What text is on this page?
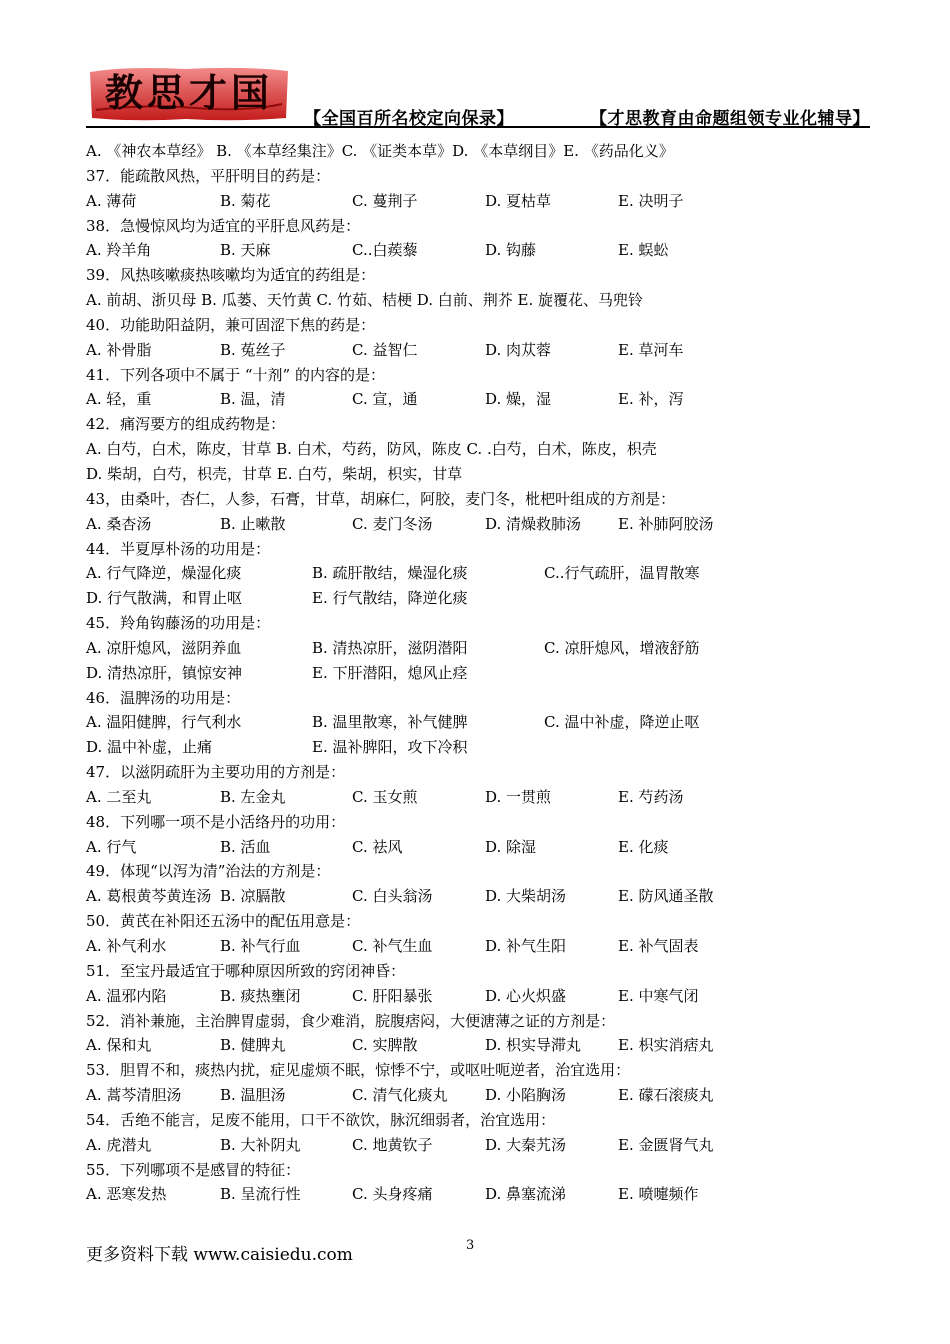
教思才国
【全国百所名校定向保录】	【才思教育由命题组领专业化辅导】
A. 《神农本草经》 B. 《本草经集注》C. 《证类本草》D. 《本草纲目》E. 《药品化义》
37．能疏散风热，平肝明目的药是：
A. 薄荷	B. 菊花	C. 蔓荆子	D. 夏枯草	E. 决明子
38．急慢惊风均为适宜的平肝息风药是：
A. 羚羊角	B. 天麻	C..白蒺藜	D. 钩藤	E. 蜈蚣
39．风热咳嗽痰热咳嗽均为适宜的药组是：
A. 前胡、浙贝母 B. 瓜蒌、天竹黄 C. 竹茹、桔梗 D. 白前、荆芥 E. 旋覆花、马兜铃
40．功能助阳益阴，兼可固涩下焦的药是：
A. 补骨脂	B. 菟丝子	C. 益智仁	D. 肉苁蓉	E. 草河车
41．下列各项中不属于 “十剂” 的内容的是：
A. 轻，重	B. 温，清	C. 宣，通	D. 燥，湿	E. 补，泻
42．痛泻要方的组成药物是：
A. 白芍，白术，陈皮，甘草 B. 白术，芍药，防风，陈皮 C. .白芍，白术，陈皮，枳壳
D. 柴胡，白芍，枳壳，甘草 E. 白芍，柴胡，枳实，甘草
43，由桑叶，杏仁，人参，石膏，甘草，胡麻仁，阿胶，麦门冬，枇杷叶组成的方剂是：
A. 桑杏汤	B. 止嗽散	C. 麦门冬汤	D. 清燥救肺汤 E. 补肺阿胶汤
44．半夏厚朴汤的功用是：
A. 行气降逆，燥湿化痰	B. 疏肝散结，燥湿化痰	C..行气疏肝，温胃散寒
D. 行气散满，和胃止呕	E. 行气散结，降逆化痰
45．羚角钩藤汤的功用是：
A. 凉肝熄风，滋阴养血	B. 清热凉肝，滋阴潜阳	C. 凉肝熄风，增液舒筋
D. 清热凉肝，镇惊安神	E. 下肝潜阳，熄风止痉
46．温脾汤的功用是：
A. 温阳健脾，行气利水	B. 温里散寒，补气健脾	C. 温中补虚，降逆止呕
D. 温中补虚，止痛	E. 温补脾阳，攻下冷积
47．以滋阴疏肝为主要功用的方剂是：
A. 二至丸	B. 左金丸	C. 玉女煎	D. 一贯煎	E. 芍药汤
48．下列哪一项不是小活络丹的功用：
A. 行气	B. 活血	C. 祛风	D. 除湿	E. 化痰
49．体现“以泻为清”治法的方剂是：
A. 葛根黄芩黄连汤 B. 凉膈散	C. 白头翁汤	D. 大柴胡汤	E. 防风通圣散
50．黄芪在补阳还五汤中的配伍用意是：
A. 补气利水	B. 补气行血	C. 补气生血	D. 补气生阳	E. 补气固表
51．至宝丹最适宜于哪种原因所致的窍闭神昏：
A. 温邪内陷	B. 痰热壅闭	C. 肝阳暴张	D. 心火炽盛	E. 中寒气闭
52．消补兼施，主治脾胃虚弱，食少难消，脘腹痞闷，大便溏薄之证的方剂是：
A. 保和丸	B. 健脾丸	C. 实脾散	D. 枳实导滞丸 E. 枳实消痞丸
53．胆胃不和，痰热内扰，症见虚烦不眠，惊悸不宁，或呕吐呃逆者，治宜选用：
A. 蒿芩清胆汤	B. 温胆汤	C. 清气化痰丸	D. 小陷胸汤	E. 礞石滚痰丸
54．舌绝不能言，足废不能用，口干不欲饮，脉沉细弱者，治宜选用：
A. 虎潜丸	B. 大补阴丸	C. 地黄钦子	D. 大秦艽汤	E. 金匮肾气丸
55．下列哪项不是感冒的特征：
A. 恶寒发热	B. 呈流行性	C. 头身疼痛	D. 鼻塞流涕	E. 喷嚏频作
更多资料下载 www.caisiedu.com	3
